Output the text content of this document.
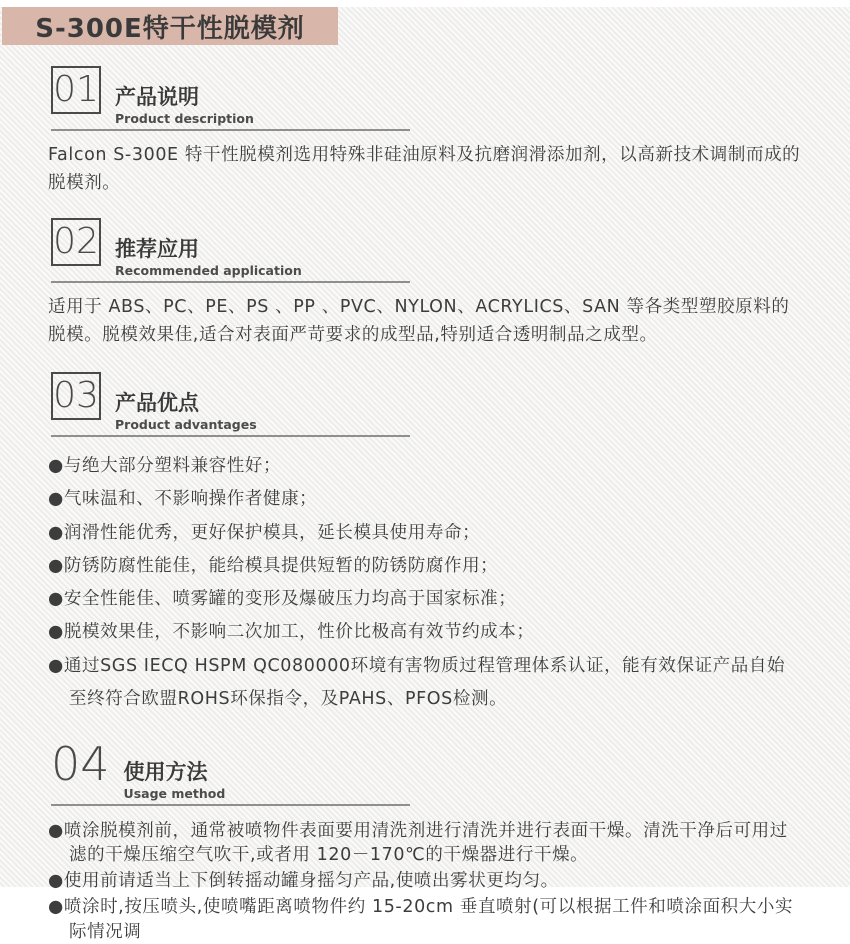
S-300E特干性脱模剂
01 产品说明
Product description

Falcon S-300E 特干性脱模剂选用特殊非硅油原料及抗磨润滑添加剂，以高新技术调制而成的脱模剂。

02 推荐应用
Recommended application

适用于 ABS、PC、PE、PS 、PP 、PVC、NYLON、ACRYLICS、SAN 等各类型塑胶原料的脱模。脱模效果佳,适合对表面严苛要求的成型品,特别适合透明制品之成型。

03 产品优点
Product advantages

●与绝大部分塑料兼容性好；

●气味温和、不影响操作者健康；

●润滑性能优秀，更好保护模具，延长模具使用寿命；

●防锈防腐性能佳，能给模具提供短暂的防锈防腐作用；

●安全性能佳、喷雾罐的变形及爆破压力均高于国家标准；

●脱模效果佳，不影响二次加工，性价比极高有效节约成本；

●通过SGS IECQ HSPM QC080000环境有害物质过程管理体系认证，能有效保证产品自始至终符合欧盟ROHS环保指令，及PAHS、PFOS检测。

04 使用方法
Usage method

●喷涂脱模剂前，通常被喷物件表面要用清洗剂进行清洗并进行表面干燥。清洗干净后可用过滤的干燥压缩空气吹干,或者用 120－170℃的干燥器进行干燥。

●使用前请适当上下倒转摇动罐身摇匀产品,使喷出雾状更均匀。

●喷涂时,按压喷头,使喷嘴距离喷物件约 15-20cm 垂直喷射(可以根据工件和喷涂面积大小实际情况调
